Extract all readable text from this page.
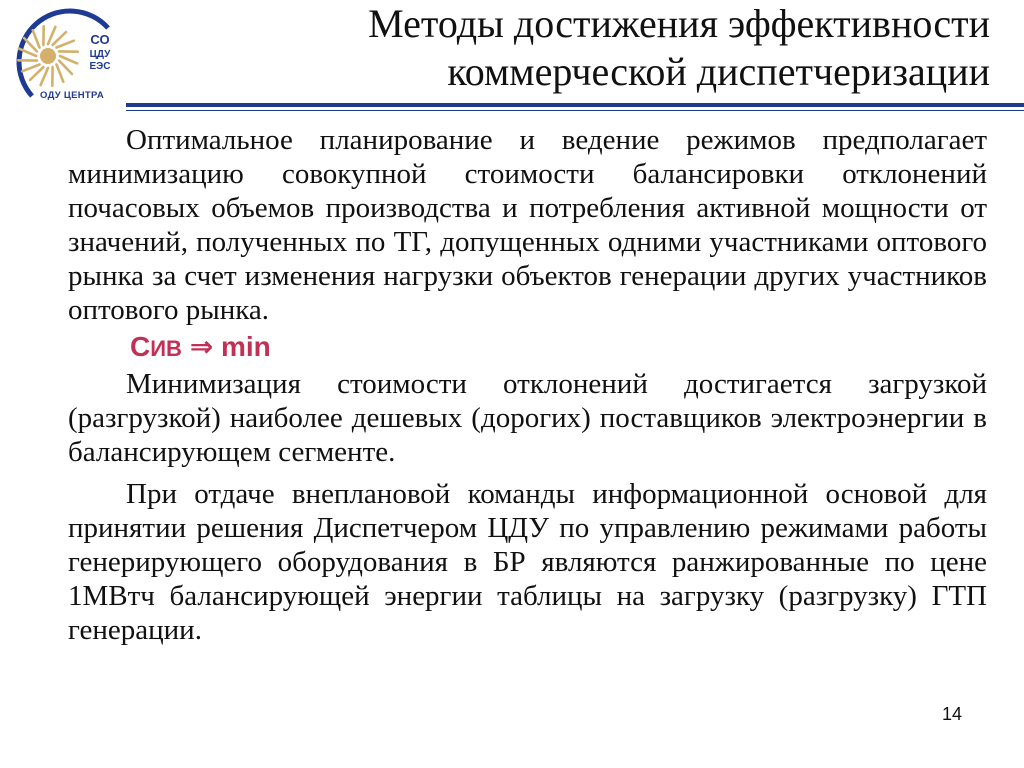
СО
ЦДУ
ЕЭС
ОДУ ЦЕНТРА
Методы достижения эффективности
коммерческой диспетчеризации

Оптимальное планирование и ведение режимов предполагает минимизацию совокупной стоимости балансировки отклонений почасовых объемов производства и потребления активной мощности от значений, полученных по ТГ, допущенных одними участниками оптового рынка за счет изменения нагрузки объектов генерации других участников оптового рынка.

СИВ ⇒ min

Минимизация стоимости отклонений достигается загрузкой (разгрузкой) наиболее дешевых (дорогих) поставщиков электроэнергии в балансирующем сегменте.

При отдаче внеплановой команды информационной основой для принятии решения Диспетчером ЦДУ по управлению режимами работы генерирующего оборудования в БР являются ранжированные по цене 1МВтч балансирующей энергии таблицы на загрузку (разгрузку) ГТП генерации.

14
